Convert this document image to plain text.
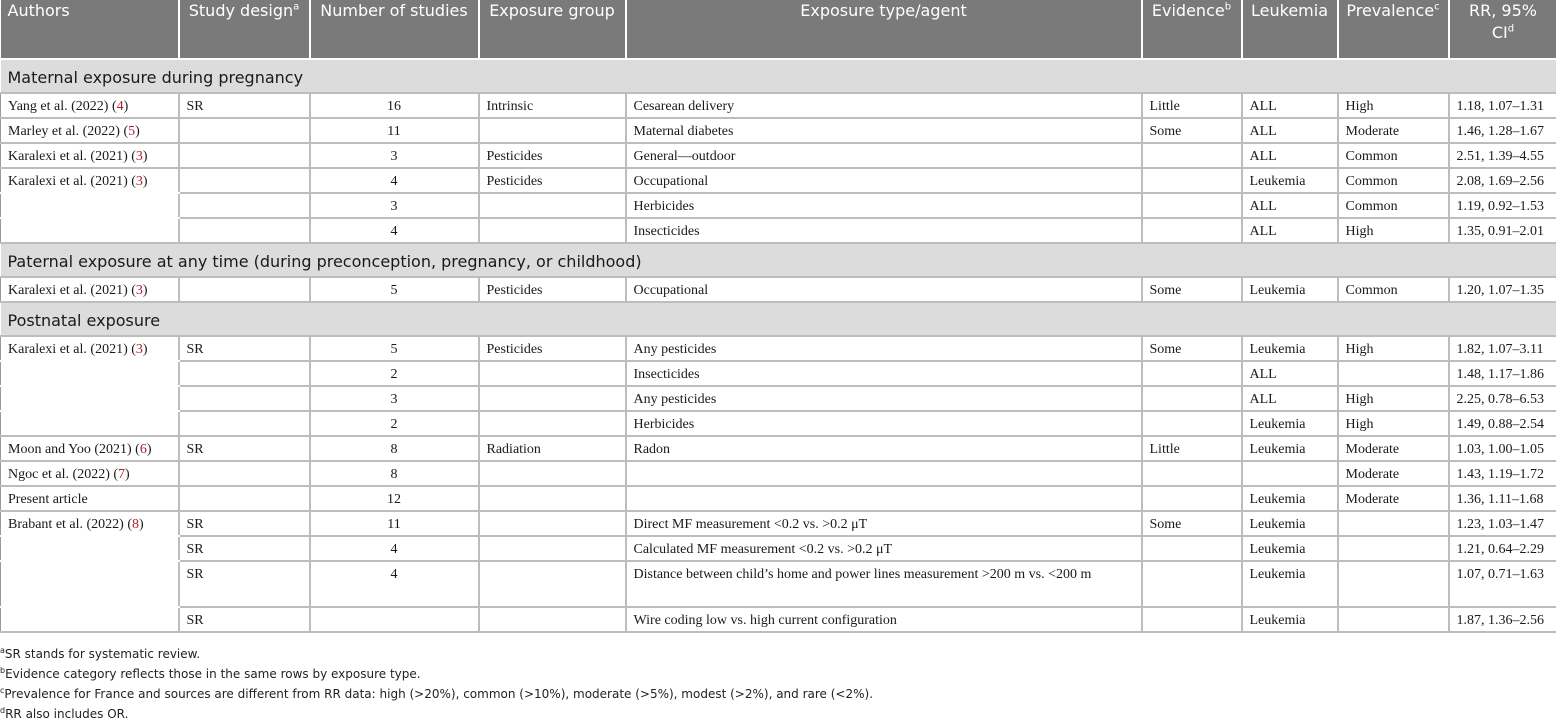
Authors	Study design$^a$	Number of studies	Exposure group	Exposure type/agent	Evidence$^b$	Leukemia	Prevalence$^c$	RR, 95% $CI^d$
Maternal exposure during pregnancy								
Yang et al. (2022) (4)	SR	16	Intrinsic	Cesarean delivery	Little	ALL	High	1.18, 1.07–1.31
Marley et al. (2022) (5)		11		Maternal diabetes	Some	ALL	Moderate	1.46, 1.28–1.67
Karalexi et al. (2021) (3)		3	Pesticides	General—outdoor		ALL	Common	2.51, 1.39–4.55
Karalexi et al. (2021) (3)		4	Pesticides	Occupational		Leukemia	Common	2.08, 1.69–2.56
		3		Herbicides		ALL	Common	1.19, 0.92–1.53
		4		Insecticides		ALL	High	1.35, 0.91–2.01
Paternal exposure at any time (during preconception, pregnancy, or childhood)								
Karalexi et al. (2021) (3)		5	Pesticides	Occupational	Some	Leukemia	Common	1.20, 1.07–1.35
Postnatal exposure								
Karalexi et al. (2021) (3)	SR	5	Pesticides	Any pesticides	Some	Leukemia	High	1.82, 1.07–3.11
		2		Insecticides		ALL		1.48, 1.17–1.86
		3		Any pesticides		ALL	High	2.25, 0.78–6.53
		2		Herbicides		Leukemia	High	1.49, 0.88–2.54
Moon and Yoo (2021) (6)	SR	8	Radiation	Radon	Little	Leukemia	Moderate	1.03, 1.00–1.05
Ngoc et al. (2022) (7)		8					Moderate	1.43, 1.19–1.72
Present article		12				Leukemia	Moderate	1.36, 1.11–1.68
Brabant et al. (2022) (8)	SR	11		Direct MF measurement <0.2 vs. >0.2 μT	Some	Leukemia		1.23, 1.03–1.47
	SR	4		Calculated MF measurement <0.2 vs. >0.2 μT		Leukemia		1.21, 0.64–2.29
	SR	4		Distance between child’s home and power lines measurement >200 m vs. <200 m		Leukemia		1.07, 0.71–1.63
	SR			Wire coding low vs. high current configuration		Leukemia		1.87, 1.36–2.56
$^a$SR stands for systematic review.
$^b$Evidence category reflects those in the same rows by exposure type.
$^c$Prevalence for France and sources are different from RR data: high (>20%), common (>10%), moderate (>5%), modest (>2%), and rare (<2%).
$^d$RR also includes OR.
